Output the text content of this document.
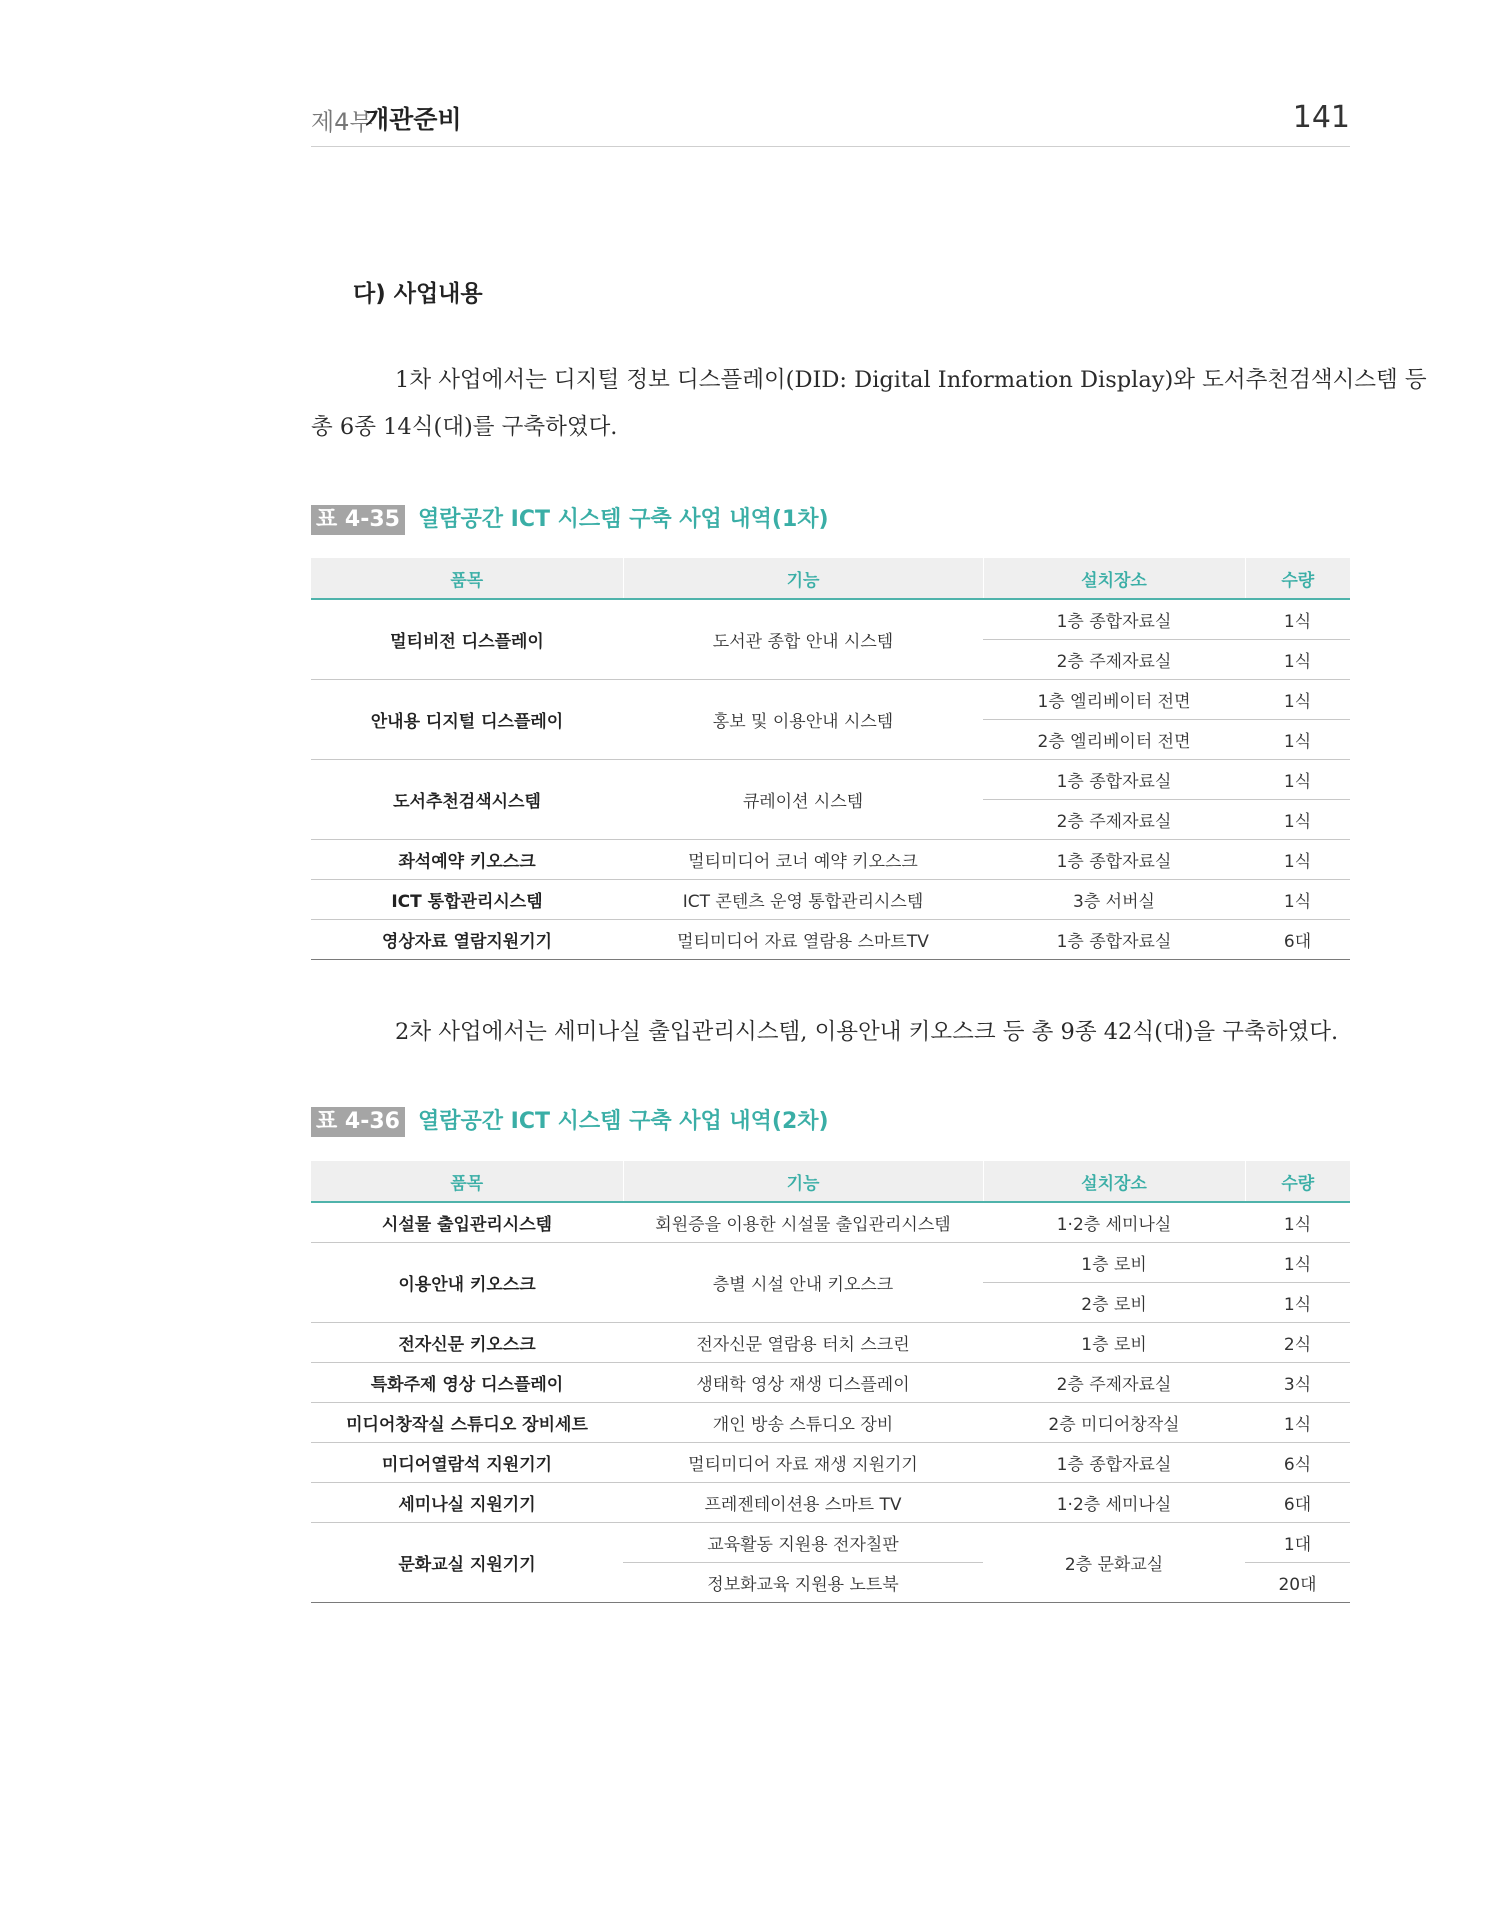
제4부
개관준비	141
다) 사업내용
1차 사업에서는 디지털 정보 디스플레이(DID: Digital Information Display)와 도서추천검색시스템 등
총 6종 14식(대)를 구축하였다.
표 4-35 열람공간 ICT 시스템 구축 사업 내역(1차)
품목	기능	설치장소	수량
멀티비전 디스플레이	도서관 종합 안내 시스템	1층 종합자료실	1식
		2층 주제자료실	1식
안내용 디지털 디스플레이	홍보 및 이용안내 시스템	1층 엘리베이터 전면	1식
		2층 엘리베이터 전면	1식
도서추천검색시스템	큐레이션 시스템	1층 종합자료실	1식
		2층 주제자료실	1식
좌석예약 키오스크	멀티미디어 코너 예약 키오스크	1층 종합자료실	1식
ICT 통합관리시스템	ICT 콘텐츠 운영 통합관리시스템	3층 서버실	1식
영상자료 열람지원기기	멀티미디어 자료 열람용 스마트TV	1층 종합자료실	6대
2차 사업에서는 세미나실 출입관리시스템, 이용안내 키오스크 등 총 9종 42식(대)을 구축하였다.
표 4-36 열람공간 ICT 시스템 구축 사업 내역(2차)
품목	기능	설치장소	수량
시설물 출입관리시스템	회원증을 이용한 시설물 출입관리시스템	1·2층 세미나실	1식
이용안내 키오스크	층별 시설 안내 키오스크	1층 로비	1식
		2층 로비	1식
전자신문 키오스크	전자신문 열람용 터치 스크린	1층 로비	2식
특화주제 영상 디스플레이	생태학 영상 재생 디스플레이	2층 주제자료실	3식
미디어창작실 스튜디오 장비세트	개인 방송 스튜디오 장비	2층 미디어창작실	1식
미디어열람석 지원기기	멀티미디어 자료 재생 지원기기	1층 종합자료실	6식
세미나실 지원기기	프레젠테이션용 스마트 TV	1·2층 세미나실	6대
문화교실 지원기기	교육활동 지원용 전자칠판	2층 문화교실	1대
	정보화교육 지원용 노트북		20대
